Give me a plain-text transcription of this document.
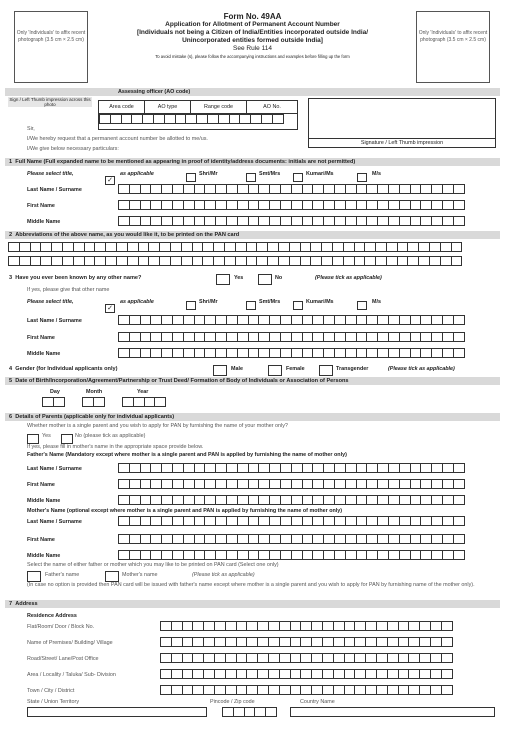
Only 'Individuals' to affix recent photograph (3.5 cm × 2.5 cm)
Only 'Individuals' to affix recent photograph (3.5 cm × 2.5 cm)
Form No. 49AA
Application for Allotment of Permanent Account Number
[Individuals not being a Citizen of India/Entities incorporated outside India/
Unincorporated entities formed outside India]
See Rule 114
To avoid mistake (s), please follow the accompanying instructions and examples before filling up the form
Assessing officer (AO code)
Sign / Left Thumb impression across this photo	Area code	AO type	Range code	AO No.
Signature / Left Thumb impression
Sir,
I/We hereby request that a permanent account number be allotted to me/us.
I/We give below necessary particulars:
1 Full Name (Full expanded name to be mentioned as appearing in proof of identity/address documents: initials are not permitted)
Please select title,
✓
as applicable	Shri/Mr	Smt/Mrs	Kumari/Ms	M/s
Last Name / Surname
First Name
Middle Name
2 Abbreviations of the above name, as you would like it, to be printed on the PAN card
3 Have you ever been known by any other name?	Yes	No	(Please tick as applicable)
If yes, please give that other name
Please select title,
✓
as applicable	Shri/Mr	Smt/Mrs	Kumari/Ms	M/s
Last Name / Surname
First Name
Middle Name
4 Gender (for Individual applicants only)	Male	Female	Transgender	(Please tick as applicable)
5 Date of Birth/Incorporation/Agreement/Partnership or Trust Deed/ Formation of Body of Individuals or Association of Persons
Day	Month	Year
6 Details of Parents (applicable only for individual applicants)
Whether mother is a single parent and you wish to apply for PAN by furnishing the name of your mother only?
Yes	No (please tick as applicable)
If yes, please fill in mother's name in the appropriate space provide below.
Father's Name (Mandatory except where mother is a single parent and PAN is applied by furnishing the name of mother only)
Last Name / Surname
First Name
Middle Name
Mother's Name (optional except where mother is a single parent and PAN is applied by furnishing the name of mother only)
Last Name / Surname
First Name
Middle Name
Select the name of either father or mother which you may like to be printed on PAN card (Select one only)
Father's name	Mother's name	(Please tick as applicable)
(In case no option is provided then PAN card will be issued with father's name except where mother is a single parent and you wish to apply for PAN by furnishing name of the mother only).
7 Address
Residence Address
Flat/Room/ Door / Block No.
Name of Premises/ Building/ Village
Road/Street/ Lane/Post Office
Area / Locality / Taluka/ Sub- Division
Town / City / District
State / Union Territory	Pincode / Zip code	Country Name
